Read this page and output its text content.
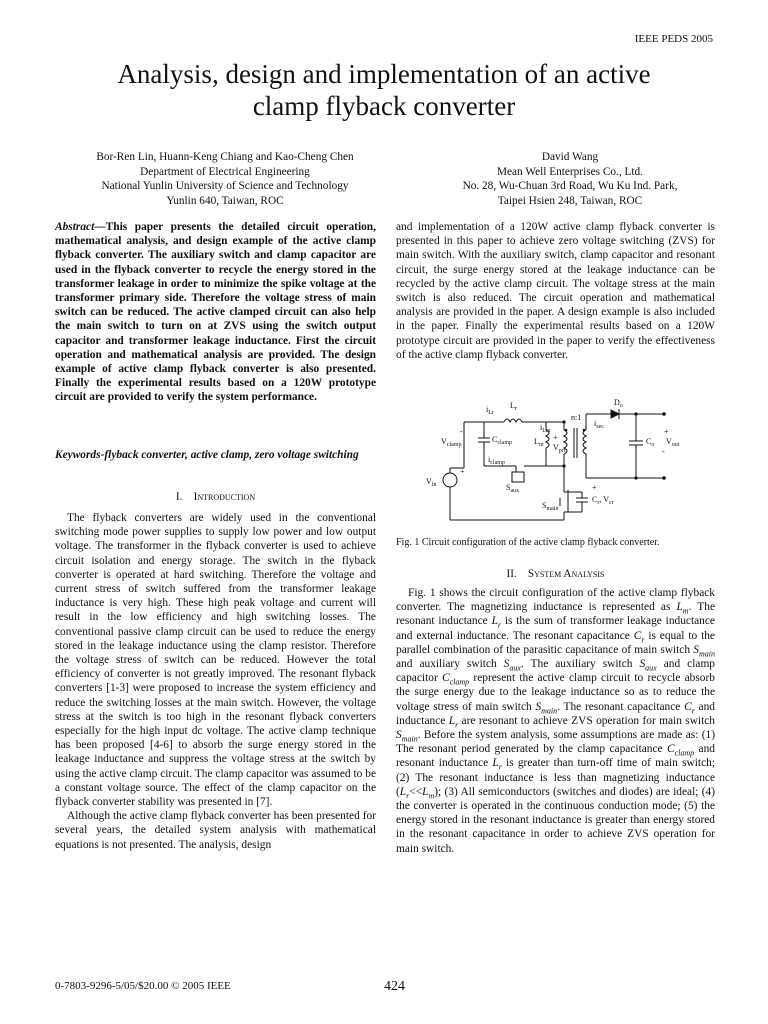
IEEE PEDS 2005
Analysis, design and implementation of an active
clamp flyback converter
Bor-Ren Lin, Huann-Keng Chiang and Kao-Cheng Chen
Department of Electrical Engineering
National Yunlin University of Science and Technology
Yunlin 640, Taiwan, ROC
David Wang
Mean Well Enterprises Co., Ltd.
No. 28, Wu-Chuan 3rd Road, Wu Ku Ind. Park,
Taipei Hsien 248, Taiwan, ROC
Abstract—This paper presents the detailed circuit operation, mathematical analysis, and design example of the active clamp flyback converter. The auxiliary switch and clamp capacitor are used in the flyback converter to recycle the energy stored in the transformer leakage in order to minimize the spike voltage at the transformer primary side. Therefore the voltage stress of main switch can be reduced. The active clamped circuit can also help the main switch to turn on at ZVS using the switch output capacitor and transformer leakage inductance. First the circuit operation and mathematical analysis are provided. The design example of active clamp flyback converter is also presented. Finally the experimental results based on a 120W prototype circuit are provided to verify the system performance.
Keywords-flyback converter, active clamp, zero voltage switching
I. Introduction

The flyback converters are widely used in the conventional switching mode power supplies to supply low power and low output voltage. The transformer in the flyback converter is used to achieve circuit isolation and energy storage. The switch in the flyback converter is operated at hard switching. Therefore the voltage and current stress of switch suffered from the transformer leakage inductance is very high. These high peak voltage and current will result in the low efficiency and high switching losses. The conventional passive clamp circuit can be used to reduce the energy stored in the leakage inductance using the clamp resistor. Therefore the voltage stress of switch can be reduced. However the total efficiency of converter is not greatly improved. The resonant flyback converters [1-3] were proposed to increase the system efficiency and reduce the switching losses at the main switch. However, the voltage stress at the switch is too high in the resonant flyback converters especially for the high input dc voltage. The active clamp technique has been proposed [4-6] to absorb the surge energy stored in the leakage inductance and suppress the voltage stress at the switch by using the active clamp circuit. The clamp capacitor was assumed to be a constant voltage source. The effect of the clamp capacitor on the flyback converter stability was presented in [7].

Although the active clamp flyback converter has been presented for several years, the detailed system analysis with mathematical equations is not presented. The analysis, design

and implementation of a 120W active clamp flyback converter is presented in this paper to achieve zero voltage switching (ZVS) for main switch. With the auxiliary switch, clamp capacitor and resonant circuit, the surge energy stored at the leakage inductance can be recycled by the active clamp circuit. The voltage stress at the main switch is also reduced. The circuit operation and mathematical analysis are provided in the paper. A design example is also included in the paper. Finally the experimental results based on a 120W prototype circuit are provided in the paper to verify the effectiveness of the active clamp flyback converter.

$i_{Lr}$
$L_r$
$D_o$
n:1
$i_{Lm}$
$i_{sec}$
-
+
+
-
$V_{clamp}$
$C_{clamp}$
$i_{clamp}$
$L_m$ $V_{pri}$
$C_o$ $V_{out}$
+
$V_{in}$	$S_{aux}$
$S_{main}$
+
$C_r$, $V_{cr}$
Fig. 1 Circuit configuration of the active clamp flyback converter.
II. System Analysis

Fig. 1 shows the circuit configuration of the active clamp flyback converter. The magnetizing inductance is represented as $L_m$. The resonant inductance $L_r$ is the sum of transformer leakage inductance and external inductance. The resonant capacitance $C_r$ is equal to the parallel combination of the parasitic capacitance of main switch $S_{main}$ and auxiliary switch $S_{aux}$. The auxiliary switch $S_{aux}$ and clamp capacitor $C_{clamp}$ represent the active clamp circuit to recycle absorb the surge energy due to the leakage inductance so as to reduce the voltage stress of main switch $S_{main}$. The resonant capacitance $C_r$ and inductance $L_r$ are resonant to achieve ZVS operation for main switch $S_{main}$. Before the system analysis, some assumptions are made as: (1) The resonant period generated by the clamp capacitance $C_{clamp}$ and resonant inductance $L_r$ is greater than turn-off time of main switch; (2) The resonant inductance is less than magnetizing inductance $(L_r<<L_m)$; (3) All semiconductors (switches and diodes) are ideal; (4) the converter is operated in the continuous conduction mode; (5) the energy stored in the resonant inductance is greater than energy stored in the resonant capacitance in order to achieve ZVS operation for main switch.

0-7803-9296-5/05/$20.00 © 2005 IEEE	424
